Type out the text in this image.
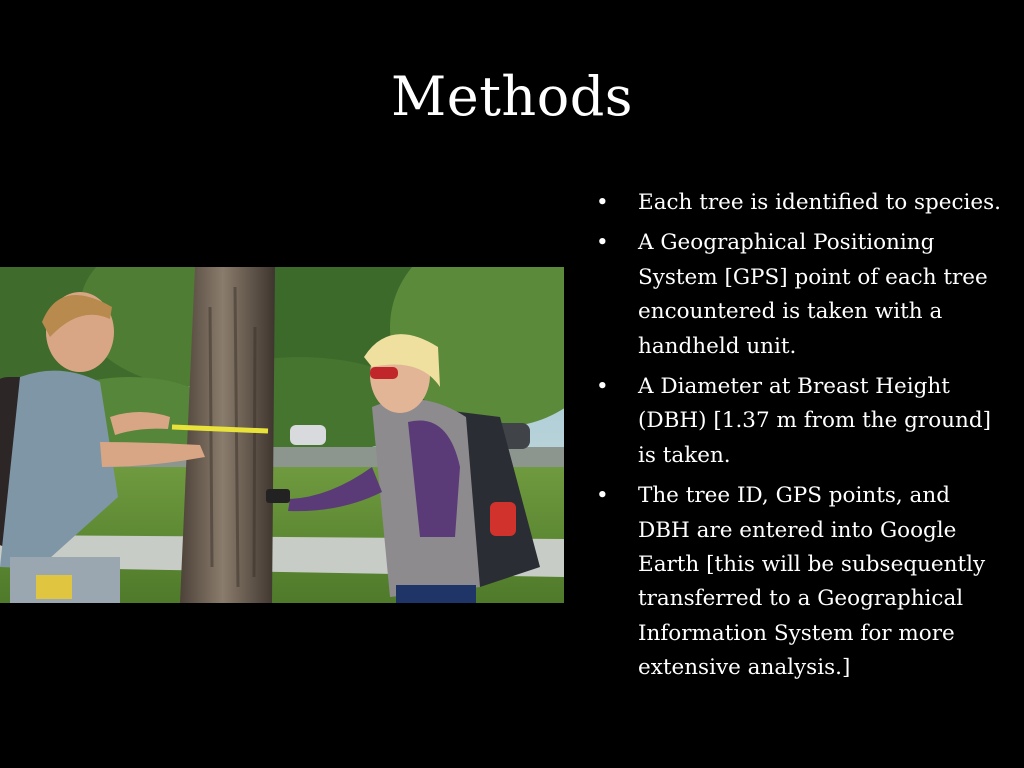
Methods
• Each tree is identified to species.
• A Geographical Positioning System [GPS] point of each tree encountered is taken with a handheld unit.
• A Diameter at Breast Height (DBH) [1.37 m from the ground] is taken.
• The tree ID, GPS points, and DBH are entered into Google Earth [this will be subsequently transferred to a Geographical Information System for more extensive analysis.]
